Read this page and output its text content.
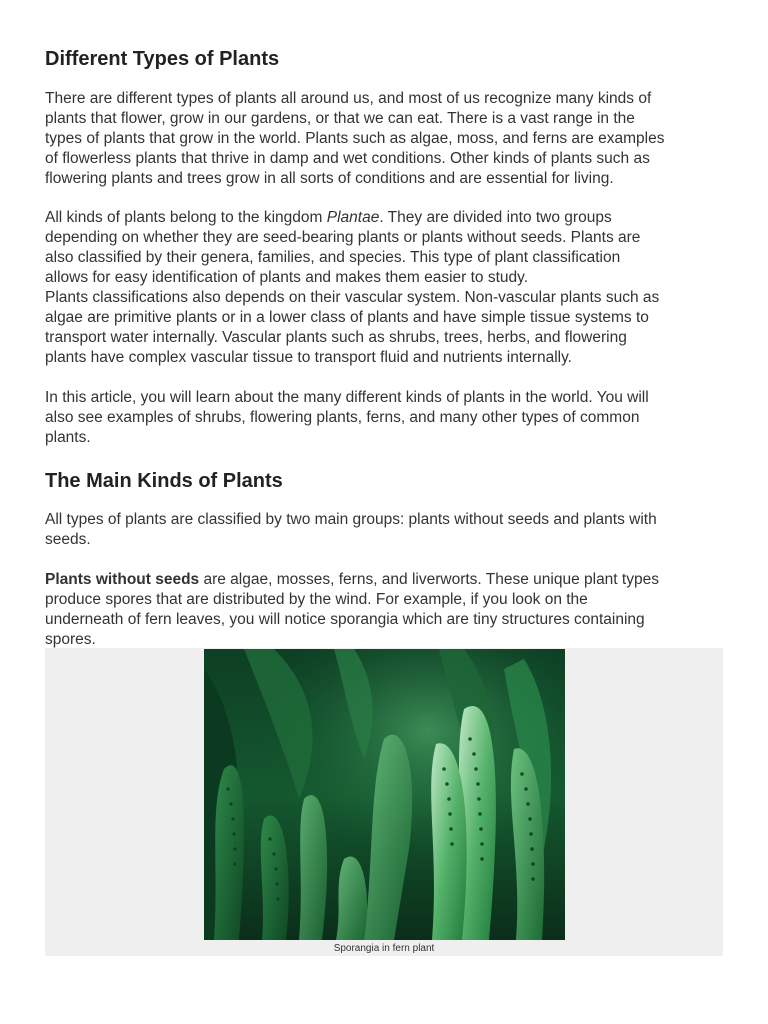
Different Types of Plants
There are different types of plants all around us, and most of us recognize many kinds of
plants that flower, grow in our gardens, or that we can eat. There is a vast range in the
types of plants that grow in the world. Plants such as algae, moss, and ferns are examples
of flowerless plants that thrive in damp and wet conditions. Other kinds of plants such as
flowering plants and trees grow in all sorts of conditions and are essential for living.
All kinds of plants belong to the kingdom Plantae. They are divided into two groups
depending on whether they are seed-bearing plants or plants without seeds. Plants are
also classified by their genera, families, and species. This type of plant classification
allows for easy identification of plants and makes them easier to study.
Plants classifications also depends on their vascular system. Non-vascular plants such as
algae are primitive plants or in a lower class of plants and have simple tissue systems to
transport water internally. Vascular plants such as shrubs, trees, herbs, and flowering
plants have complex vascular tissue to transport fluid and nutrients internally.
In this article, you will learn about the many different kinds of plants in the world. You will
also see examples of shrubs, flowering plants, ferns, and many other types of common
plants.
The Main Kinds of Plants
All types of plants are classified by two main groups: plants without seeds and plants with
seeds.
Plants without seeds are algae, mosses, ferns, and liverworts. These unique plant types
produce spores that are distributed by the wind. For example, if you look on the
underneath of fern leaves, you will notice sporangia which are tiny structures containing
spores.
Sporangia in fern plant
